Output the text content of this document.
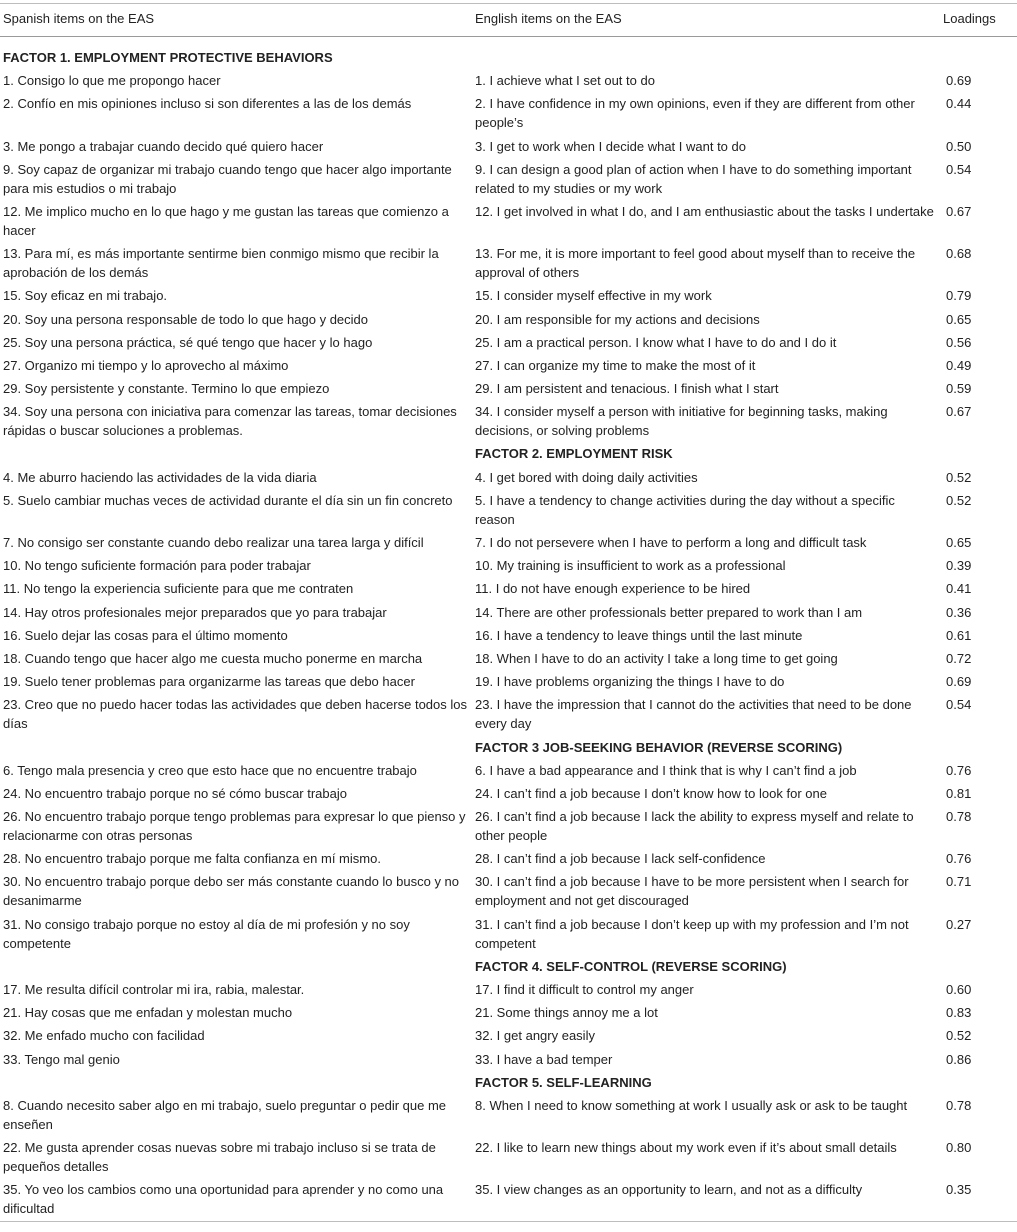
Spanish items on the EAS	English items on the EAS	Loadings
FACTOR 1. EMPLOYMENT PROTECTIVE BEHAVIORS		
1. Consigo lo que me propongo hacer	1. I achieve what I set out to do	0.69
2. Confío en mis opiniones incluso si son diferentes a las de los demás	2. I have confidence in my own opinions, even if they are different from other people’s	0.44
3. Me pongo a trabajar cuando decido qué quiero hacer	3. I get to work when I decide what I want to do	0.50
9. Soy capaz de organizar mi trabajo cuando tengo que hacer algo importante para mis estudios o mi trabajo	9. I can design a good plan of action when I have to do something important related to my studies or my work	0.54
12. Me implico mucho en lo que hago y me gustan las tareas que comienzo a hacer	12. I get involved in what I do, and I am enthusiastic about the tasks I undertake	0.67
13. Para mí, es más importante sentirme bien conmigo mismo que recibir la aprobación de los demás	13. For me, it is more important to feel good about myself than to receive the approval of others	0.68
15. Soy eficaz en mi trabajo.	15. I consider myself effective in my work	0.79
20. Soy una persona responsable de todo lo que hago y decido	20. I am responsible for my actions and decisions	0.65
25. Soy una persona práctica, sé qué tengo que hacer y lo hago	25. I am a practical person. I know what I have to do and I do it	0.56
27. Organizo mi tiempo y lo aprovecho al máximo	27. I can organize my time to make the most of it	0.49
29. Soy persistente y constante. Termino lo que empiezo	29. I am persistent and tenacious. I finish what I start	0.59
34. Soy una persona con iniciativa para comenzar las tareas, tomar decisiones rápidas o buscar soluciones a problemas.	34. I consider myself a person with initiative for beginning tasks, making decisions, or solving problems	0.67
	FACTOR 2. EMPLOYMENT RISK	
4. Me aburro haciendo las actividades de la vida diaria	4. I get bored with doing daily activities	0.52
5. Suelo cambiar muchas veces de actividad durante el día sin un fin concreto	5. I have a tendency to change activities during the day without a specific reason	0.52
7. No consigo ser constante cuando debo realizar una tarea larga y difícil	7. I do not persevere when I have to perform a long and difficult task	0.65
10. No tengo suficiente formación para poder trabajar	10. My training is insufficient to work as a professional	0.39
11. No tengo la experiencia suficiente para que me contraten	11. I do not have enough experience to be hired	0.41
14. Hay otros profesionales mejor preparados que yo para trabajar	14. There are other professionals better prepared to work than I am	0.36
16. Suelo dejar las cosas para el último momento	16. I have a tendency to leave things until the last minute	0.61
18. Cuando tengo que hacer algo me cuesta mucho ponerme en marcha	18. When I have to do an activity I take a long time to get going	0.72
19. Suelo tener problemas para organizarme las tareas que debo hacer	19. I have problems organizing the things I have to do	0.69
23. Creo que no puedo hacer todas las actividades que deben hacerse todos los días	23. I have the impression that I cannot do the activities that need to be done every day	0.54
	FACTOR 3 JOB-SEEKING BEHAVIOR (REVERSE SCORING)	
6. Tengo mala presencia y creo que esto hace que no encuentre trabajo	6. I have a bad appearance and I think that is why I can’t find a job	0.76
24. No encuentro trabajo porque no sé cómo buscar trabajo	24. I can’t find a job because I don’t know how to look for one	0.81
26. No encuentro trabajo porque tengo problemas para expresar lo que pienso y relacionarme con otras personas	26. I can’t find a job because I lack the ability to express myself and relate to other people	0.78
28. No encuentro trabajo porque me falta confianza en mí mismo.	28. I can’t find a job because I lack self-confidence	0.76
30. No encuentro trabajo porque debo ser más constante cuando lo busco y no desanimarme	30. I can’t find a job because I have to be more persistent when I search for employment and not get discouraged	0.71
31. No consigo trabajo porque no estoy al día de mi profesión y no soy competente	31. I can’t find a job because I don’t keep up with my profession and I’m not competent	0.27
	FACTOR 4. SELF-CONTROL (REVERSE SCORING)	
17. Me resulta difícil controlar mi ira, rabia, malestar.	17. I find it difficult to control my anger	0.60
21. Hay cosas que me enfadan y molestan mucho	21. Some things annoy me a lot	0.83
32. Me enfado mucho con facilidad	32. I get angry easily	0.52
33. Tengo mal genio	33. I have a bad temper	0.86
	FACTOR 5. SELF-LEARNING	
8. Cuando necesito saber algo en mi trabajo, suelo preguntar o pedir que me enseñen	8. When I need to know something at work I usually ask or ask to be taught	0.78
22. Me gusta aprender cosas nuevas sobre mi trabajo incluso si se trata de pequeños detalles	22. I like to learn new things about my work even if it’s about small details	0.80
35. Yo veo los cambios como una oportunidad para aprender y no como una dificultad	35. I view changes as an opportunity to learn, and not as a difficulty	0.35
